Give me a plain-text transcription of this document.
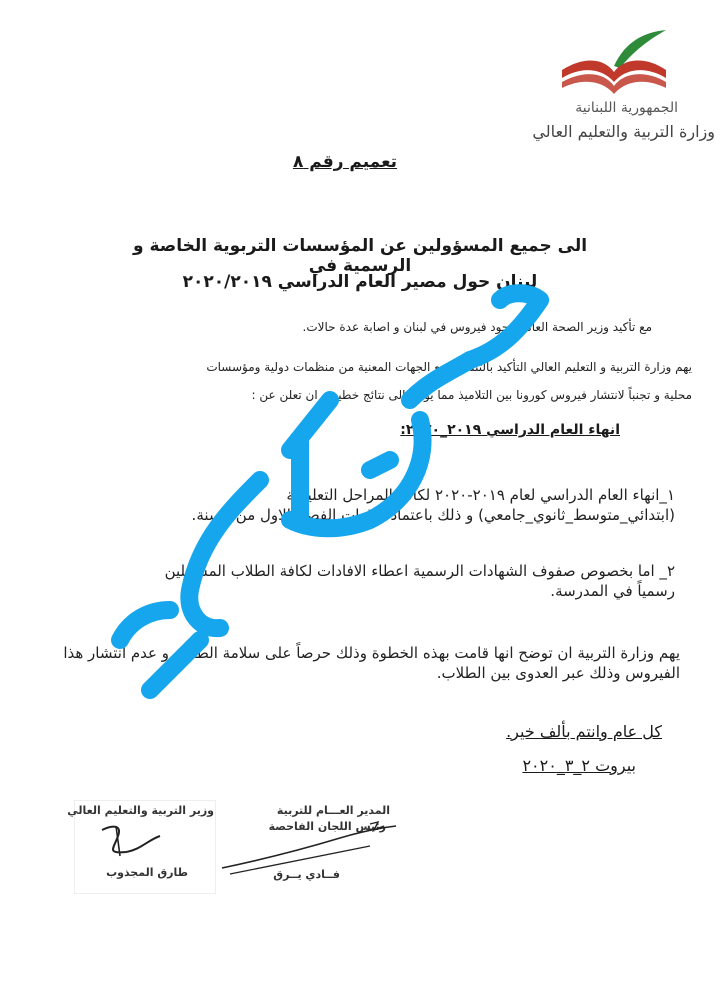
الجمهورية اللبنانية
وزارة التربية والتعليم العالي
تعميم رقم ٨
الى جميع المسؤولين عن المؤسسات التربوية الخاصة و الرسمية في
لبنان حول مصير العام الدراسي ٢٠٢٠/٢٠١٩
مع تأكيد وزير الصحة العامة وجود فيروس في لبنان و اصابة عدة حالات.
يهم وزارة التربية و التعليم العالي التأكيد بالتنسيق مع الجهات المعنية من منظمات دولية ومؤسسات
محلية و تجنباً لانتشار فيروس كورونا بين التلاميذ مما يؤدي الى نتائج خطيرة، ان تعلن عن :
انهاء العام الدراسي ٢٠١٩_٢٠٢٠:
١_انهاء العام الدراسي لعام ٢٠١٩-٢٠٢٠ لكافة المراحل التعليمية
(ابتدائي_متوسط_ثانوي_جامعي) و ذلك باعتماد علامات الفصل الاول من السنة.
٢_ اما بخصوص صفوف الشهادات الرسمية اعطاء الافادات لكافة الطلاب المسجلين
رسمياً في المدرسة.
يهم وزارة التربية ان توضح انها قامت بهذه الخطوة وذلك حرصاً على سلامة الطلاب و عدم انتشار هذا
الفيروس وذلك عبر العدوى بين الطلاب.
كل عام وانتم بألف خير.
بيروت ٢_٣_٢٠٢٠
المدير العـــام للتربية
رئيس اللجان الفاحصة
فــادي يــرق
وزير التربية والتعليم العالي
طارق المجذوب
